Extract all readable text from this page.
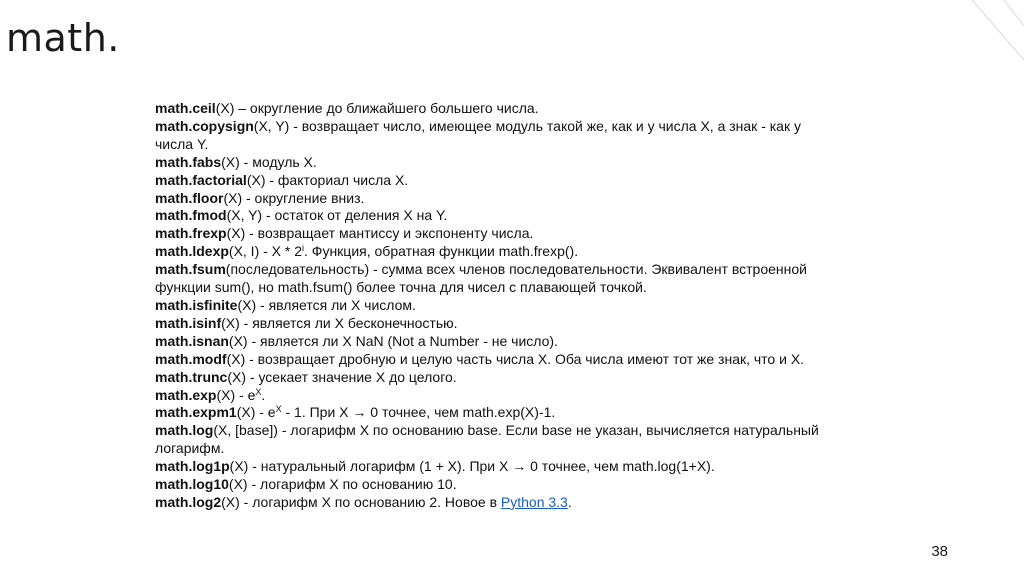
math.

math.ceil(X) – округление до ближайшего большего числа.

math.copysign(X, Y) - возвращает число, имеющее модуль такой же, как и у числа X, а знак - как у

числа Y.

math.fabs(X) - модуль X.

math.factorial(X) - факториал числа X.

math.floor(X) - округление вниз.

math.fmod(X, Y) - остаток от деления X на Y.

math.frexp(X) - возвращает мантиссу и экспоненту числа.

math.ldexp(X, I) - X * 2$^i$. Функция, обратная функции math.frexp().

math.fsum(последовательность) - сумма всех членов последовательности. Эквивалент встроенной

функции sum(), но math.fsum() более точна для чисел с плавающей точкой.

math.isfinite(X) - является ли X числом.

math.isinf(X) - является ли X бесконечностью.

math.isnan(X) - является ли X NaN (Not a Number - не число).

math.modf(X) - возвращает дробную и целую часть числа X. Оба числа имеют тот же знак, что и X.

math.trunc(X) - усекает значение X до целого.

math.exp(X) - $e^X$.

math.expm1(X) - $e^X - 1$. При X → 0 точнее, чем math.exp(X)-1.

math.log(X, [base]) - логарифм X по основанию base. Если base не указан, вычисляется натуральный

логарифм.

math.log1p(X) - натуральный логарифм (1 + X). При X → 0 точнее, чем math.log(1+X).

math.log10(X) - логарифм X по основанию 10.

math.log2(X) - логарифм X по основанию 2. Новое в Python 3.3.

38
